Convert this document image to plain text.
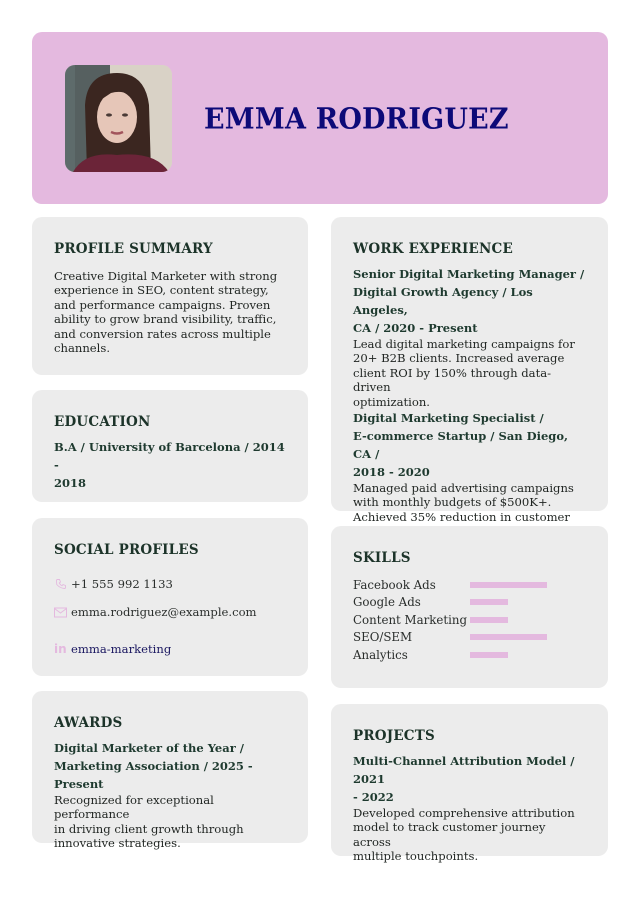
EMMA RODRIGUEZ
PROFILE SUMMARY
Creative Digital Marketer with strong
experience in SEO, content strategy,
and performance campaigns. Proven
ability to grow brand visibility, traffic,
and conversion rates across multiple
channels.
EDUCATION
B.A / University of Barcelona / 2014 -
2018
SOCIAL PROFILES
+1 555 992 1133
emma.rodriguez@example.com
in emma-marketing
AWARDS
Digital Marketer of the Year /
Marketing Association / 2025 - Present
Recognized for exceptional performance
in driving client growth through
innovative strategies.
WORK EXPERIENCE
Senior Digital Marketing Manager /
Digital Growth Agency / Los Angeles,
CA / 2020 - Present
Lead digital marketing campaigns for
20+ B2B clients. Increased average
client ROI by 150% through data-driven
optimization.
Digital Marketing Specialist /
E-commerce Startup / San Diego, CA /
2018 - 2020
Managed paid advertising campaigns
with monthly budgets of $500K+.
Achieved 35% reduction in customer
SKILLS
Facebook Ads
Google Ads
Content Marketing
SEO/SEM
Analytics
PROJECTS
Multi-Channel Attribution Model / 2021
- 2022
Developed comprehensive attribution
model to track customer journey across
multiple touchpoints.
